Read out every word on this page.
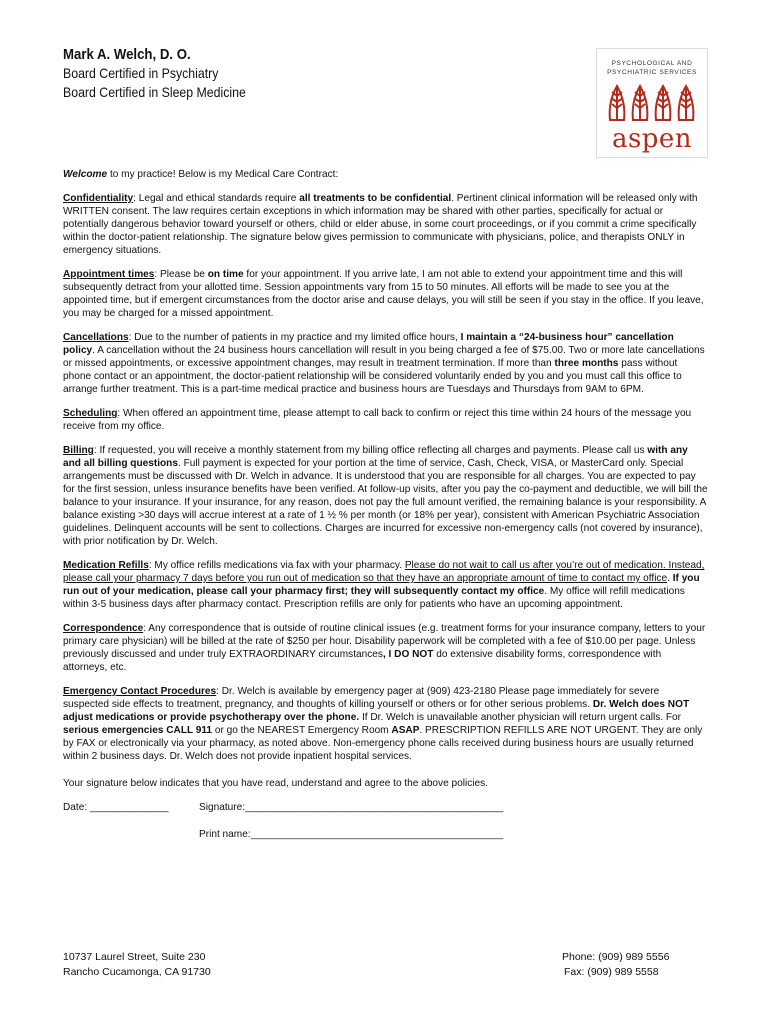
Mark A. Welch, D. O.
Board Certified in Psychiatry
Board Certified in Sleep Medicine
PSYCHOLOGICAL AND
PSYCHIATRIC SERVICES
aspen

Welcome to my practice! Below is my Medical Care Contract:

Confidentiality: Legal and ethical standards require all treatments to be confidential. Pertinent clinical information will be released only with WRITTEN consent. The law requires certain exceptions in which information may be shared with other parties, specifically for actual or potentially dangerous behavior toward yourself or others, child or elder abuse, in some court proceedings, or if you commit a crime specifically within the doctor-patient relationship. The signature below gives permission to communicate with physicians, police, and therapists ONLY in emergency situations.

Appointment times: Please be on time for your appointment. If you arrive late, I am not able to extend your appointment time and this will subsequently detract from your allotted time. Session appointments vary from 15 to 50 minutes. All efforts will be made to see you at the appointed time, but if emergent circumstances from the doctor arise and cause delays, you will still be seen if you stay in the office. If you leave, you may be charged for a missed appointment.

Cancellations: Due to the number of patients in my practice and my limited office hours, I maintain a “24-business hour” cancellation policy. A cancellation without the 24 business hours cancellation will result in you being charged a fee of $75.00. Two or more late cancellations or missed appointments, or excessive appointment changes, may result in treatment termination. If more than three months pass without phone contact or an appointment, the doctor-patient relationship will be considered voluntarily ended by you and you must call this office to arrange further treatment. This is a part-time medical practice and business hours are Tuesdays and Thursdays from 9AM to 6PM.

Scheduling: When offered an appointment time, please attempt to call back to confirm or reject this time within 24 hours of the message you receive from my office.

Billing: If requested, you will receive a monthly statement from my billing office reflecting all charges and payments. Please call us with any and all billing questions. Full payment is expected for your portion at the time of service, Cash, Check, VISA, or MasterCard only. Special arrangements must be discussed with Dr. Welch in advance. It is understood that you are responsible for all charges. You are expected to pay for the first session, unless insurance benefits have been verified. At follow-up visits, after you pay the co-payment and deductible, we will bill the balance to your insurance. If your insurance, for any reason, does not pay the full amount verified, the remaining balance is your responsibility. A balance existing >30 days will accrue interest at a rate of 1 ½ % per month (or 18% per year), consistent with American Psychiatric Association guidelines. Delinquent accounts will be sent to collections. Charges are incurred for excessive non-emergency calls (not covered by insurance), with prior notification by Dr. Welch.

Medication Refills: My office refills medications via fax with your pharmacy. Please do not wait to call us after you’re out of medication. Instead, please call your pharmacy 7 days before you run out of medication so that they have an appropriate amount of time to contact my office. If you run out of your medication, please call your pharmacy first; they will subsequently contact my office. My office will refill medications within 3-5 business days after pharmacy contact. Prescription refills are only for patients who have an upcoming appointment.

Correspondence: Any correspondence that is outside of routine clinical issues (e.g. treatment forms for your insurance company, letters to your primary care physician) will be billed at the rate of $250 per hour. Disability paperwork will be completed with a fee of $10.00 per page. Unless previously discussed and under truly EXTRAORDINARY circumstances, I DO NOT do extensive disability forms, correspondence with attorneys, etc.

Emergency Contact Procedures: Dr. Welch is available by emergency pager at (909) 423-2180 Please page immediately for severe suspected side effects to treatment, pregnancy, and thoughts of killing yourself or others or for other serious problems. Dr. Welch does NOT adjust medications or provide psychotherapy over the phone. If Dr. Welch is unavailable another physician will return urgent calls. For serious emergencies CALL 911 or go the NEAREST Emergency Room ASAP. PRESCRIPTION REFILLS ARE NOT URGENT. They are only by FAX or electronically via your pharmacy, as noted above. Non-emergency phone calls received during business hours are usually returned within 2 business days. Dr. Welch does not provide inpatient hospital services.

Your signature below indicates that you have read, understand and agree to the above policies.

Date: ______________	Signature:______________________________________________
Print name:_____________________________________________
10737 Laurel Street, Suite 230
Rancho Cucamonga, CA 91730
Phone: (909) 989 5556
Fax: (909) 989 5558
